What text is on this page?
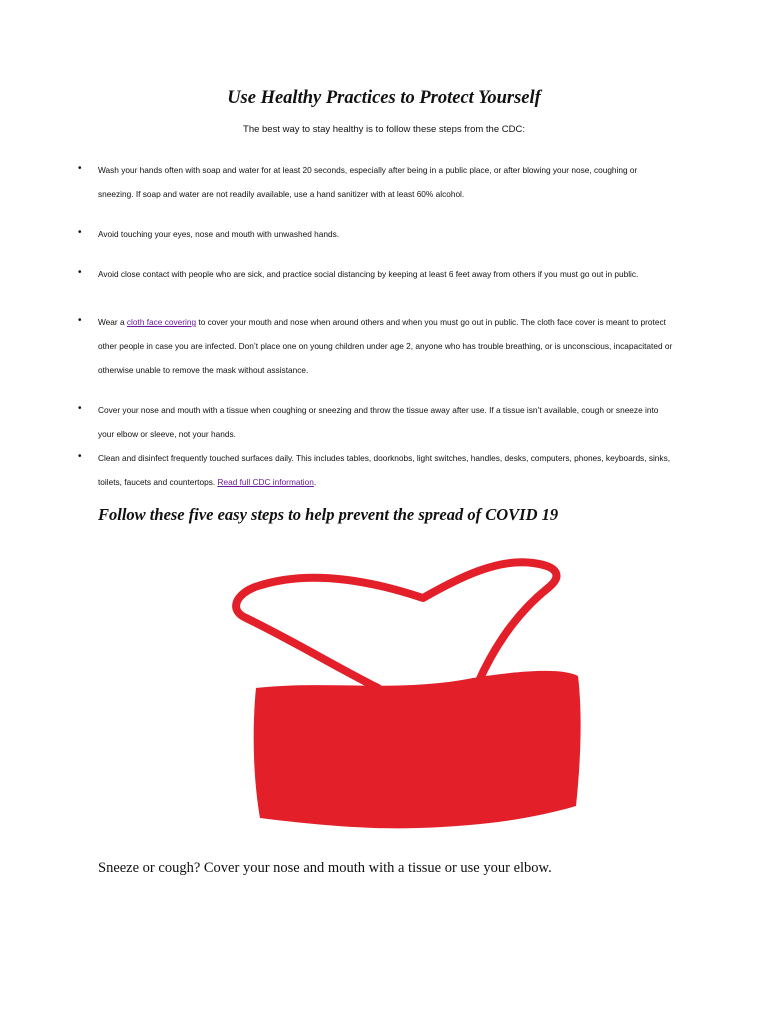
Use Healthy Practices to Protect Yourself
The best way to stay healthy is to follow these steps from the CDC:
• Wash your hands often with soap and water for at least 20 seconds, especially after being in a public place, or after blowing your nose, coughing or sneezing. If soap and water are not readily available, use a hand sanitizer with at least 60% alcohol.
• Avoid touching your eyes, nose and mouth with unwashed hands.
• Avoid close contact with people who are sick, and practice social distancing by keeping at least 6 feet away from others if you must go out in public.
• Wear a cloth face covering to cover your mouth and nose when around others and when you must go out in public. The cloth face cover is meant to protect other people in case you are infected. Don’t place one on young children under age 2, anyone who has trouble breathing, or is unconscious, incapacitated or otherwise unable to remove the mask without assistance.
• Cover your nose and mouth with a tissue when coughing or sneezing and throw the tissue away after use. If a tissue isn’t available, cough or sneeze into your elbow or sleeve, not your hands.
• Clean and disinfect frequently touched surfaces daily. This includes tables, doorknobs, light switches, handles, desks, computers, phones, keyboards, sinks, toilets, faucets and countertops. Read full CDC information.
Follow these five easy steps to help prevent the spread of COVID 19
Sneeze or cough? Cover your nose and mouth with a tissue or use your elbow.
